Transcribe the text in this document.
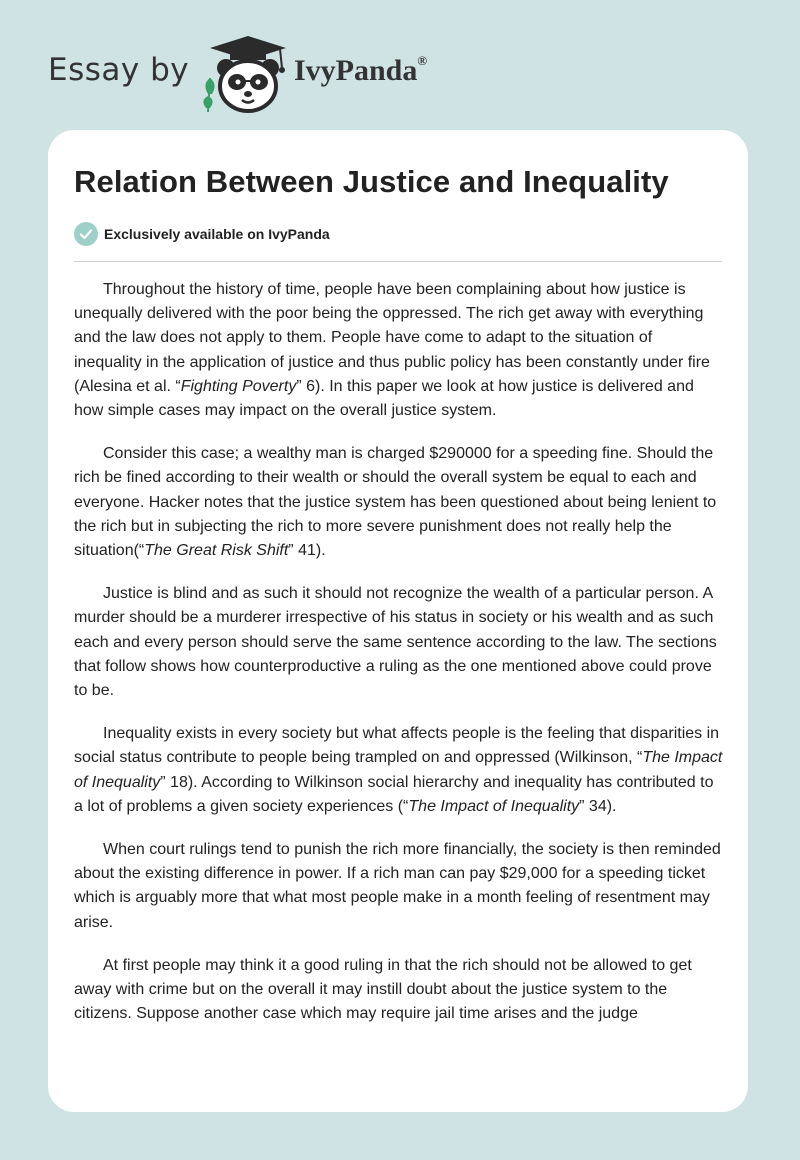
Essay by	IvyPanda®
Relation Between Justice and Inequality
Exclusively available on IvyPanda

Throughout the history of time, people have been complaining about how justice is unequally delivered with the poor being the oppressed. The rich get away with everything and the law does not apply to them. People have come to adapt to the situation of inequality in the application of justice and thus public policy has been constantly under fire (Alesina et al. “Fighting Poverty” 6). In this paper we look at how justice is delivered and how simple cases may impact on the overall justice system.

Consider this case; a wealthy man is charged $290000 for a speeding fine. Should the rich be fined according to their wealth or should the overall system be equal to each and everyone. Hacker notes that the justice system has been questioned about being lenient to the rich but in subjecting the rich to more severe punishment does not really help the situation(“The Great Risk Shift” 41).

Justice is blind and as such it should not recognize the wealth of a particular person. A murder should be a murderer irrespective of his status in society or his wealth and as such each and every person should serve the same sentence according to the law. The sections that follow shows how counterproductive a ruling as the one mentioned above could prove to be.

Inequality exists in every society but what affects people is the feeling that disparities in social status contribute to people being trampled on and oppressed (Wilkinson, “The Impact of Inequality” 18). According to Wilkinson social hierarchy and inequality has contributed to a lot of problems a given society experiences (“The Impact of Inequality” 34).

When court rulings tend to punish the rich more financially, the society is then reminded about the existing difference in power. If a rich man can pay $29,000 for a speeding ticket which is arguably more that what most people make in a month feeling of resentment may arise.

At first people may think it a good ruling in that the rich should not be allowed to get away with crime but on the overall it may instill doubt about the justice system to the citizens. Suppose another case which may require jail time arises and the judge
